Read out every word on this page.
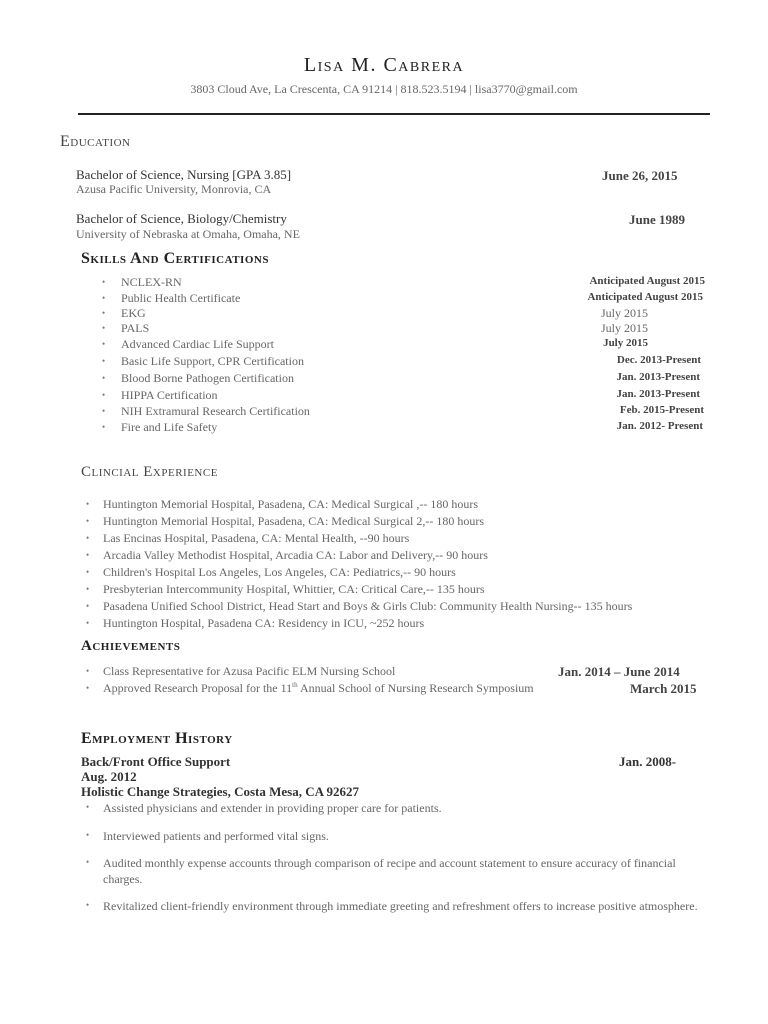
Lisa M. Cabrera
3803 Cloud Ave, La Crescenta, CA 91214 | 818.523.5194 | lisa3770@gmail.com
Education
Bachelor of Science, Nursing [GPA 3.85]
Azusa Pacific University, Monrovia, CA
June 26, 2015
Bachelor of Science, Biology/Chemistry
University of Nebraska at Omaha, Omaha, NE
June 1989
Skills And Certifications
• NCLEX-RN	Anticipated August 2015
• Public Health Certificate	Anticipated August 2015
• EKG	July 2015
• PALS	July 2015
• Advanced Cardiac Life Support	July 2015
• Basic Life Support, CPR Certification	Dec. 2013-Present
• Blood Borne Pathogen Certification	Jan. 2013-Present
• HIPPA Certification	Jan. 2013-Present
• NIH Extramural Research Certification	Feb. 2015-Present
• Fire and Life Safety	Jan. 2012- Present
Clincial Experience
• Huntington Memorial Hospital, Pasadena, CA: Medical Surgical ,-- 180 hours
• Huntington Memorial Hospital, Pasadena, CA: Medical Surgical 2,-- 180 hours
• Las Encinas Hospital, Pasadena, CA: Mental Health, --90 hours
• Arcadia Valley Methodist Hospital, Arcadia CA: Labor and Delivery,-- 90 hours
• Children's Hospital Los Angeles, Los Angeles, CA: Pediatrics,-- 90 hours
• Presbyterian Intercommunity Hospital, Whittier, CA: Critical Care,-- 135 hours
• Pasadena Unified School District, Head Start and Boys & Girls Club: Community Health Nursing-- 135 hours
• Huntington Hospital, Pasadena CA: Residency in ICU, ~252 hours
Achievements
• Class Representative for Azusa Pacific ELM Nursing School	Jan. 2014 – June 2014
• Approved Research Proposal for the 11th Annual School of Nursing Research Symposium	March 2015
Employment History
Back/Front Office Support	Jan. 2008-
Aug. 2012
Holistic Change Strategies, Costa Mesa, CA 92627
• Assisted physicians and extender in providing proper care for patients.
• Interviewed patients and performed vital signs.
• Audited monthly expense accounts through comparison of recipe and account statement to ensure accuracy of financial charges.
• Revitalized client-friendly environment through immediate greeting and refreshment offers to increase positive atmosphere.
